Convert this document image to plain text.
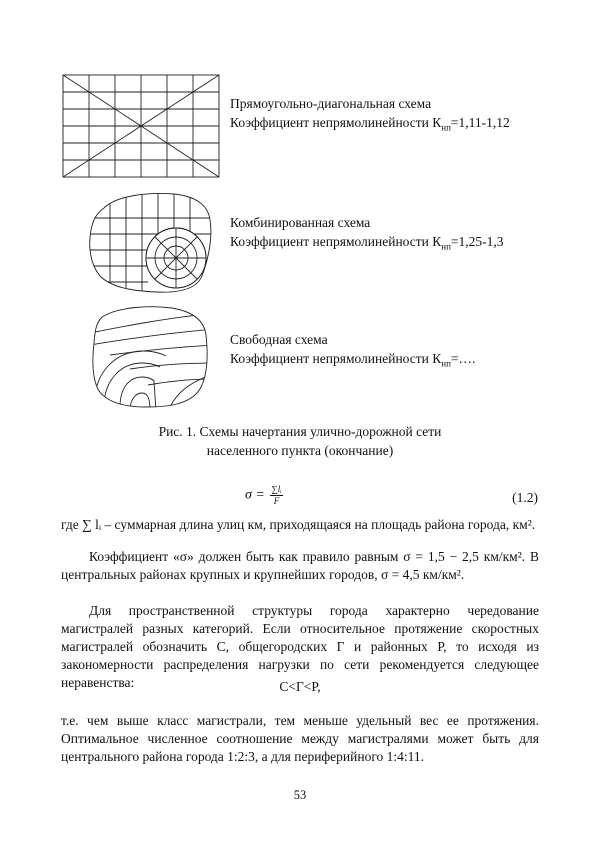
Прямоугольно-диагональная схема
Коэффициент непрямолинейности $К_{нп}=1,11-1,12$
Комбинированная схема
Коэффициент непрямолинейности $К_{нп}=1,25-1,3$
Свободная схема
Коэффициент непрямолинейности $К_{нп}=\dots$.
Рис. 1. Схемы начертания улично-дорожной сети
населенного пункта (окончание)
$\sigma = \frac{\text{∑lᵢ}}{F}$	(1.2)

где ∑ lᵢ – суммарная длина улиц км, приходящаяся на площадь района города, км².

Коэффициент «σ» должен быть как правило равным σ = 1,5 − 2,5 км/км². В центральных районах крупных и крупнейших городов, σ = 4,5 км/км².

Для пространственной структуры города характерно чередование магистралей разных категорий. Если относительное протяжение скоростных магистралей обозначить С, общегородских Г и районных Р, то исходя из закономерности распределения нагрузки по сети рекомендуется следующее неравенства:	С<Г<Р,

т.е. чем выше класс магистрали, тем меньше удельный вес ее протяжения. Оптимальное численное соотношение между магистралями может быть для центрального района города 1:2:3, а для периферийного 1:4:11.

53
